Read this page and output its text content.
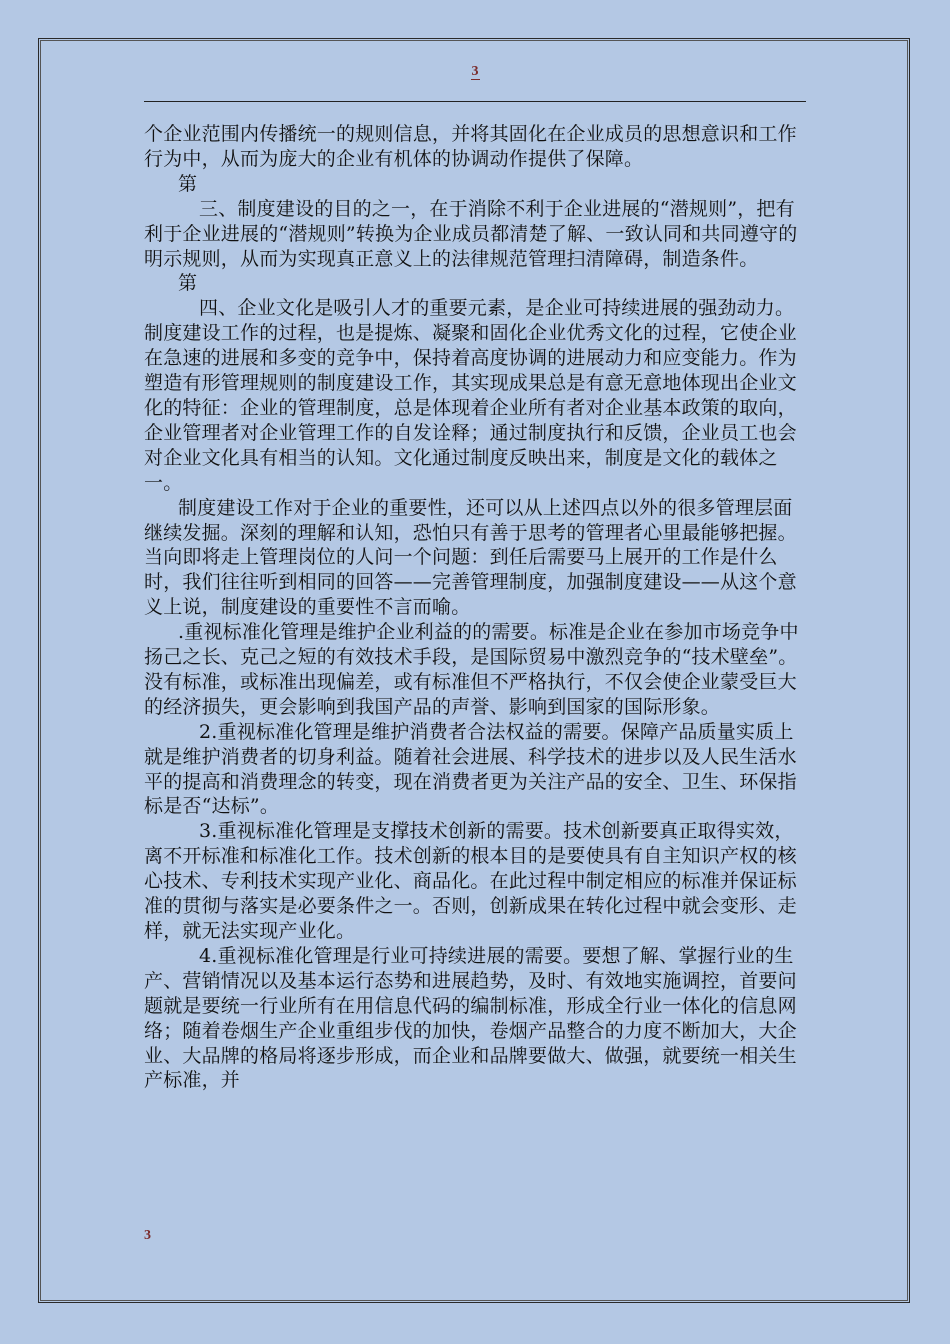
3

个企业范围内传播统一的规则信息，并将其固化在企业成员的思想意识和工作行为中，从而为庞大的企业有机体的协调动作提供了保障。

第

三、制度建设的目的之一，在于消除不利于企业进展的“潜规则”，把有利于企业进展的“潜规则”转换为企业成员都清楚了解、一致认同和共同遵守的明示规则，从而为实现真正意义上的法律规范管理扫清障碍，制造条件。

第

四、企业文化是吸引人才的重要元素，是企业可持续进展的强劲动力。制度建设工作的过程，也是提炼、凝聚和固化企业优秀文化的过程，它使企业在急速的进展和多变的竞争中，保持着高度协调的进展动力和应变能力。作为塑造有形管理规则的制度建设工作，其实现成果总是有意无意地体现出企业文化的特征：企业的管理制度，总是体现着企业所有者对企业基本政策的取向，企业管理者对企业管理工作的自发诠释；通过制度执行和反馈，企业员工也会对企业文化具有相当的认知。文化通过制度反映出来，制度是文化的载体之一。

制度建设工作对于企业的重要性，还可以从上述四点以外的很多管理层面继续发掘。深刻的理解和认知，恐怕只有善于思考的管理者心里最能够把握。当向即将走上管理岗位的人问一个问题：到任后需要马上展开的工作是什么时，我们往往听到相同的回答——完善管理制度，加强制度建设——从这个意义上说，制度建设的重要性不言而喻。

.重视标准化管理是维护企业利益的的需要。标准是企业在参加市场竞争中扬己之长、克己之短的有效技术手段，是国际贸易中激烈竞争的“技术壁垒”。没有标准，或标准出现偏差，或有标准但不严格执行，不仅会使企业蒙受巨大的经济损失，更会影响到我国产品的声誉、影响到国家的国际形象。

2.重视标准化管理是维护消费者合法权益的需要。保障产品质量实质上就是维护消费者的切身利益。随着社会进展、科学技术的进步以及人民生活水平的提高和消费理念的转变，现在消费者更为关注产品的安全、卫生、环保指标是否“达标”。

3.重视标准化管理是支撑技术创新的需要。技术创新要真正取得实效，离不开标准和标准化工作。技术创新的根本目的是要使具有自主知识产权的核心技术、专利技术实现产业化、商品化。在此过程中制定相应的标准并保证标准的贯彻与落实是必要条件之一。否则，创新成果在转化过程中就会变形、走样，就无法实现产业化。

4.重视标准化管理是行业可持续进展的需要。要想了解、掌握行业的生产、营销情况以及基本运行态势和进展趋势，及时、有效地实施调控，首要问题就是要统一行业所有在用信息代码的编制标准，形成全行业一体化的信息网络；随着卷烟生产企业重组步伐的加快，卷烟产品整合的力度不断加大，大企业、大品牌的格局将逐步形成，而企业和品牌要做大、做强，就要统一相关生产标准，并

3
